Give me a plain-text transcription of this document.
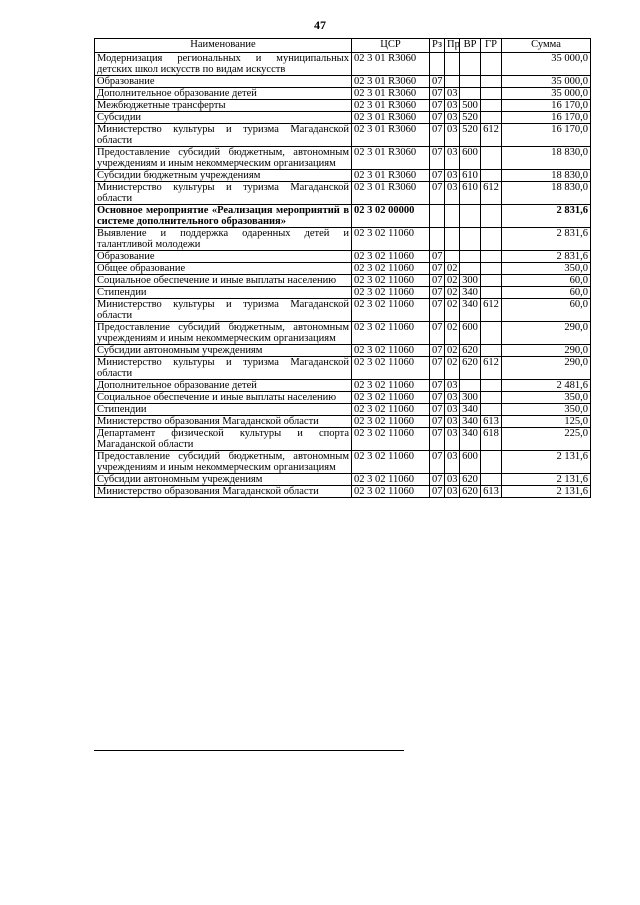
47
Наименование	ЦСР	Рз	Пр	ВР	ГР	Сумма
Модернизация региональных и муниципальных детских школ искусств по видам искусств	02 3 01 R3060					35 000,0
Образование	02 3 01 R3060	07				35 000,0
Дополнительное образование детей	02 3 01 R3060	07	03			35 000,0
Межбюджетные трансферты	02 3 01 R3060	07	03	500		16 170,0
Субсидии	02 3 01 R3060	07	03	520		16 170,0
Министерство культуры и туризма Магаданской области	02 3 01 R3060	07	03	520	612	16 170,0
Предоставление субсидий бюджетным, автономным учреждениям и иным некоммерческим организациям	02 3 01 R3060	07	03	600		18 830,0
Субсидии бюджетным учреждениям	02 3 01 R3060	07	03	610		18 830,0
Министерство культуры и туризма Магаданской области	02 3 01 R3060	07	03	610	612	18 830,0
Основное мероприятие «Реализация мероприятий в системе дополнительного образования»	02 3 02 00000					2 831,6
Выявление и поддержка одаренных детей и талантливой молодежи	02 3 02 11060					2 831,6
Образование	02 3 02 11060	07				2 831,6
Общее образование	02 3 02 11060	07	02			350,0
Социальное обеспечение и иные выплаты населению	02 3 02 11060	07	02	300		60,0
Стипендии	02 3 02 11060	07	02	340		60,0
Министерство культуры и туризма Магаданской области	02 3 02 11060	07	02	340	612	60,0
Предоставление субсидий бюджетным, автономным учреждениям и иным некоммерческим организациям	02 3 02 11060	07	02	600		290,0
Субсидии автономным учреждениям	02 3 02 11060	07	02	620		290,0
Министерство культуры и туризма Магаданской области	02 3 02 11060	07	02	620	612	290,0
Дополнительное образование детей	02 3 02 11060	07	03			2 481,6
Социальное обеспечение и иные выплаты населению	02 3 02 11060	07	03	300		350,0
Стипендии	02 3 02 11060	07	03	340		350,0
Министерство образования Магаданской области	02 3 02 11060	07	03	340	613	125,0
Департамент физической культуры и спорта Магаданской области	02 3 02 11060	07	03	340	618	225,0
Предоставление субсидий бюджетным, автономным учреждениям и иным некоммерческим организациям	02 3 02 11060	07	03	600		2 131,6
Субсидии автономным учреждениям	02 3 02 11060	07	03	620		2 131,6
Министерство образования Магаданской области	02 3 02 11060	07	03	620	613	2 131,6
